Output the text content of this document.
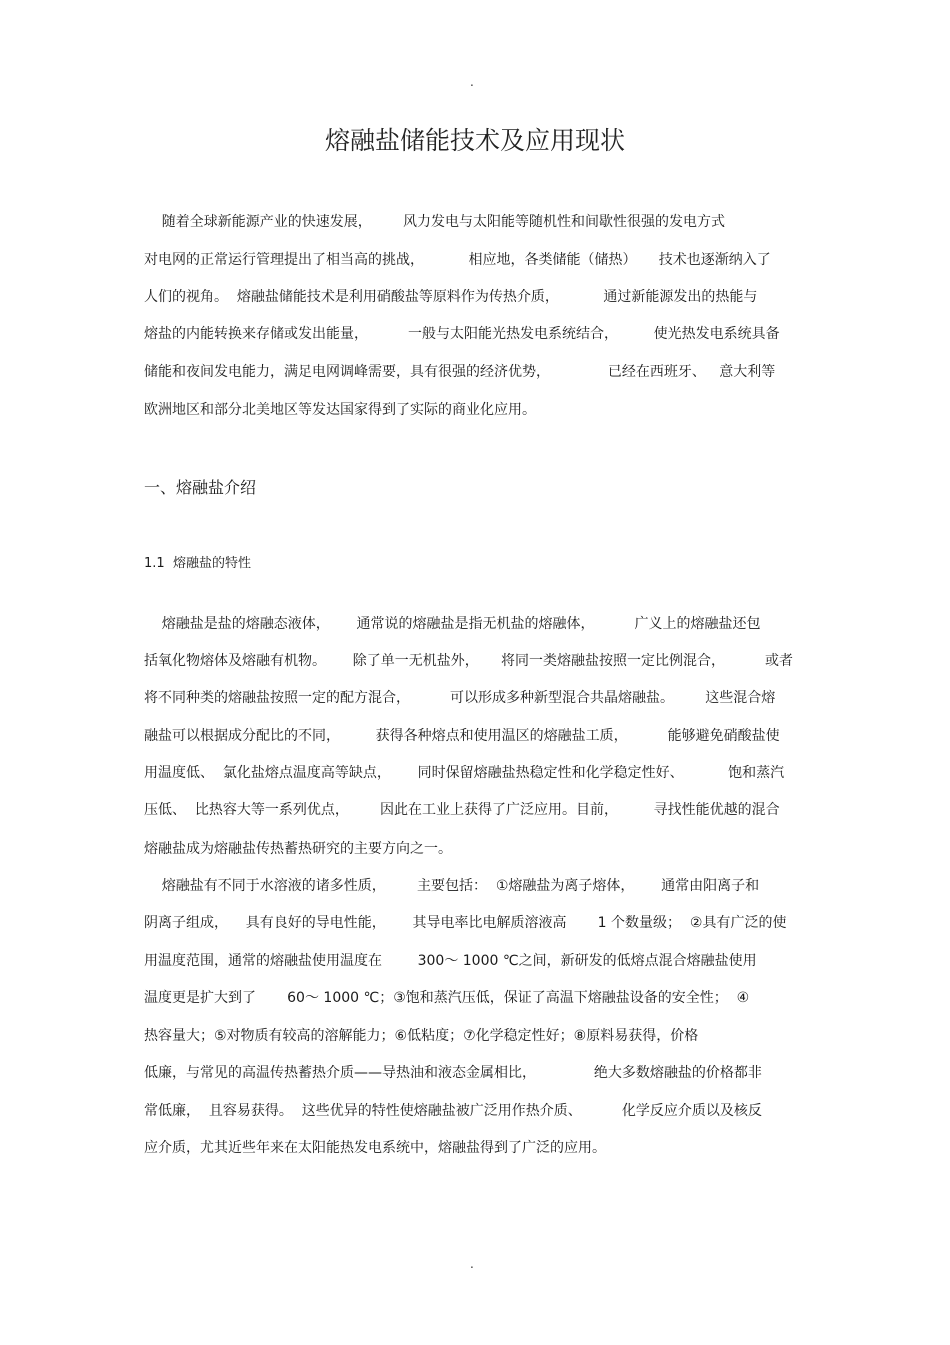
.
熔融盐储能技术及应用现状
随着全球新能源产业的快速发展，       风力发电与太阳能等随机性和间歇性很强的发电方式
对电网的正常运行管理提出了相当高的挑战，          相应地，各类储能（储热）     技术也逐渐纳入了
人们的视角。  熔融盐储能技术是利用硝酸盐等原料作为传热介质，          通过新能源发出的热能与
熔盐的内能转换来存储或发出能量，         一般与太阳能光热发电系统结合，        使光热发电系统具备
储能和夜间发电能力，满足电网调峰需要，具有很强的经济优势，             已经在西班牙、   意大利等
欧洲地区和部分北美地区等发达国家得到了实际的商业化应用。
一、熔融盐介绍
1.1  熔融盐的特性
熔融盐是盐的熔融态液体，      通常说的熔融盐是指无机盐的熔融体，         广义上的熔融盐还包
括氧化物熔体及熔融有机物。      除了单一无机盐外，     将同一类熔融盐按照一定比例混合，         或者
将不同种类的熔融盐按照一定的配方混合，         可以形成多种新型混合共晶熔融盐。       这些混合熔
融盐可以根据成分配比的不同，        获得各种熔点和使用温区的熔融盐工质，         能够避免硝酸盐使
用温度低、  氯化盐熔点温度高等缺点，      同时保留熔融盐热稳定性和化学稳定性好、          饱和蒸汽
压低、  比热容大等一系列优点，       因此在工业上获得了广泛应用。目前，        寻找性能优越的混合
熔融盐成为熔融盐传热蓄热研究的主要方向之一。
熔融盐有不同于水溶液的诸多性质，       主要包括：  ①熔融盐为离子熔体，      通常由阳离子和
阴离子组成，    具有良好的导电性能，      其导电率比电解质溶液高       1 个数量级；  ②具有广泛的使
用温度范围，通常的熔融盐使用温度在        300～ 1000 ℃之间，新研发的低熔点混合熔融盐使用
温度更是扩大到了       60～ 1000 ℃；③饱和蒸汽压低，保证了高温下熔融盐设备的安全性；  ④
热容量大；⑤对物质有较高的溶解能力；⑥低粘度；⑦化学稳定性好；⑧原料易获得，价格
低廉，与常见的高温传热蓄热介质——导热油和液态金属相比，             绝大多数熔融盐的价格都非
常低廉，  且容易获得。  这些优异的特性使熔融盐被广泛用作热介质、         化学反应介质以及核反
应介质，尤其近些年来在太阳能热发电系统中，熔融盐得到了广泛的应用。
.
